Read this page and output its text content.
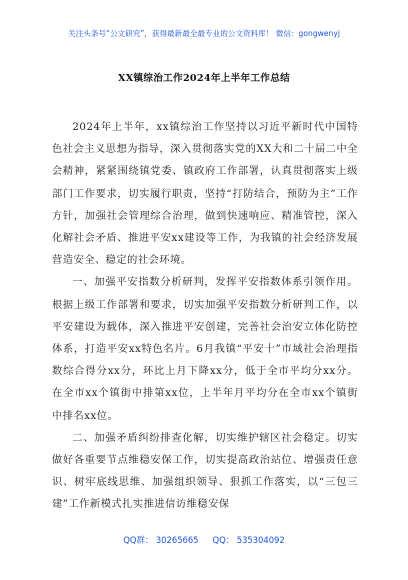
关注头条号“公文研究”，获得最新最全最专业的公文资料库！ 微信：gongwenyj
XX镇综治工作2024年上半年工作总结

2024年上半年，xx镇综治工作坚持以习近平新时代中国特色社会主义思想为指导，深入贯彻落实党的XX大和二十届二中全会精神，紧紧围绕镇党委、镇政府工作部署，认真贯彻落实上级部门工作要求，切实履行职责，坚持“打防结合，预防为主”工作方针，加强社会管理综合治理，做到快速响应、精准管控，深入化解社会矛盾、推进平安xx建设等工作，为我镇的社会经济发展营造安全、稳定的社会环境。

一、加强平安指数分析研判，发挥平安指数体系引领作用。根据上级工作部署和要求，切实加强平安指数分析研判工作，以平安建设为载体，深入推进平安创建，完善社会治安立体化防控体系，打造平安xx特色名片。6月我镇“平安十”市域社会治理指数综合得分xx分，环比上月下降xx分，低于全市平均分xx分。在全市xx个镇街中排第xx位，上半年月平均分在全市xx个镇街中排名xx位。

二、加强矛盾纠纷排查化解，切实维护辖区社会稳定。切实做好各重要节点维稳安保工作，切实提高政治站位、增强责任意识、树牢底线思维、加强组织领导、狠抓工作落实，以“三包三建”工作新模式扎实推进信访维稳安保

QQ群： 30265665 QQ： 535304092
